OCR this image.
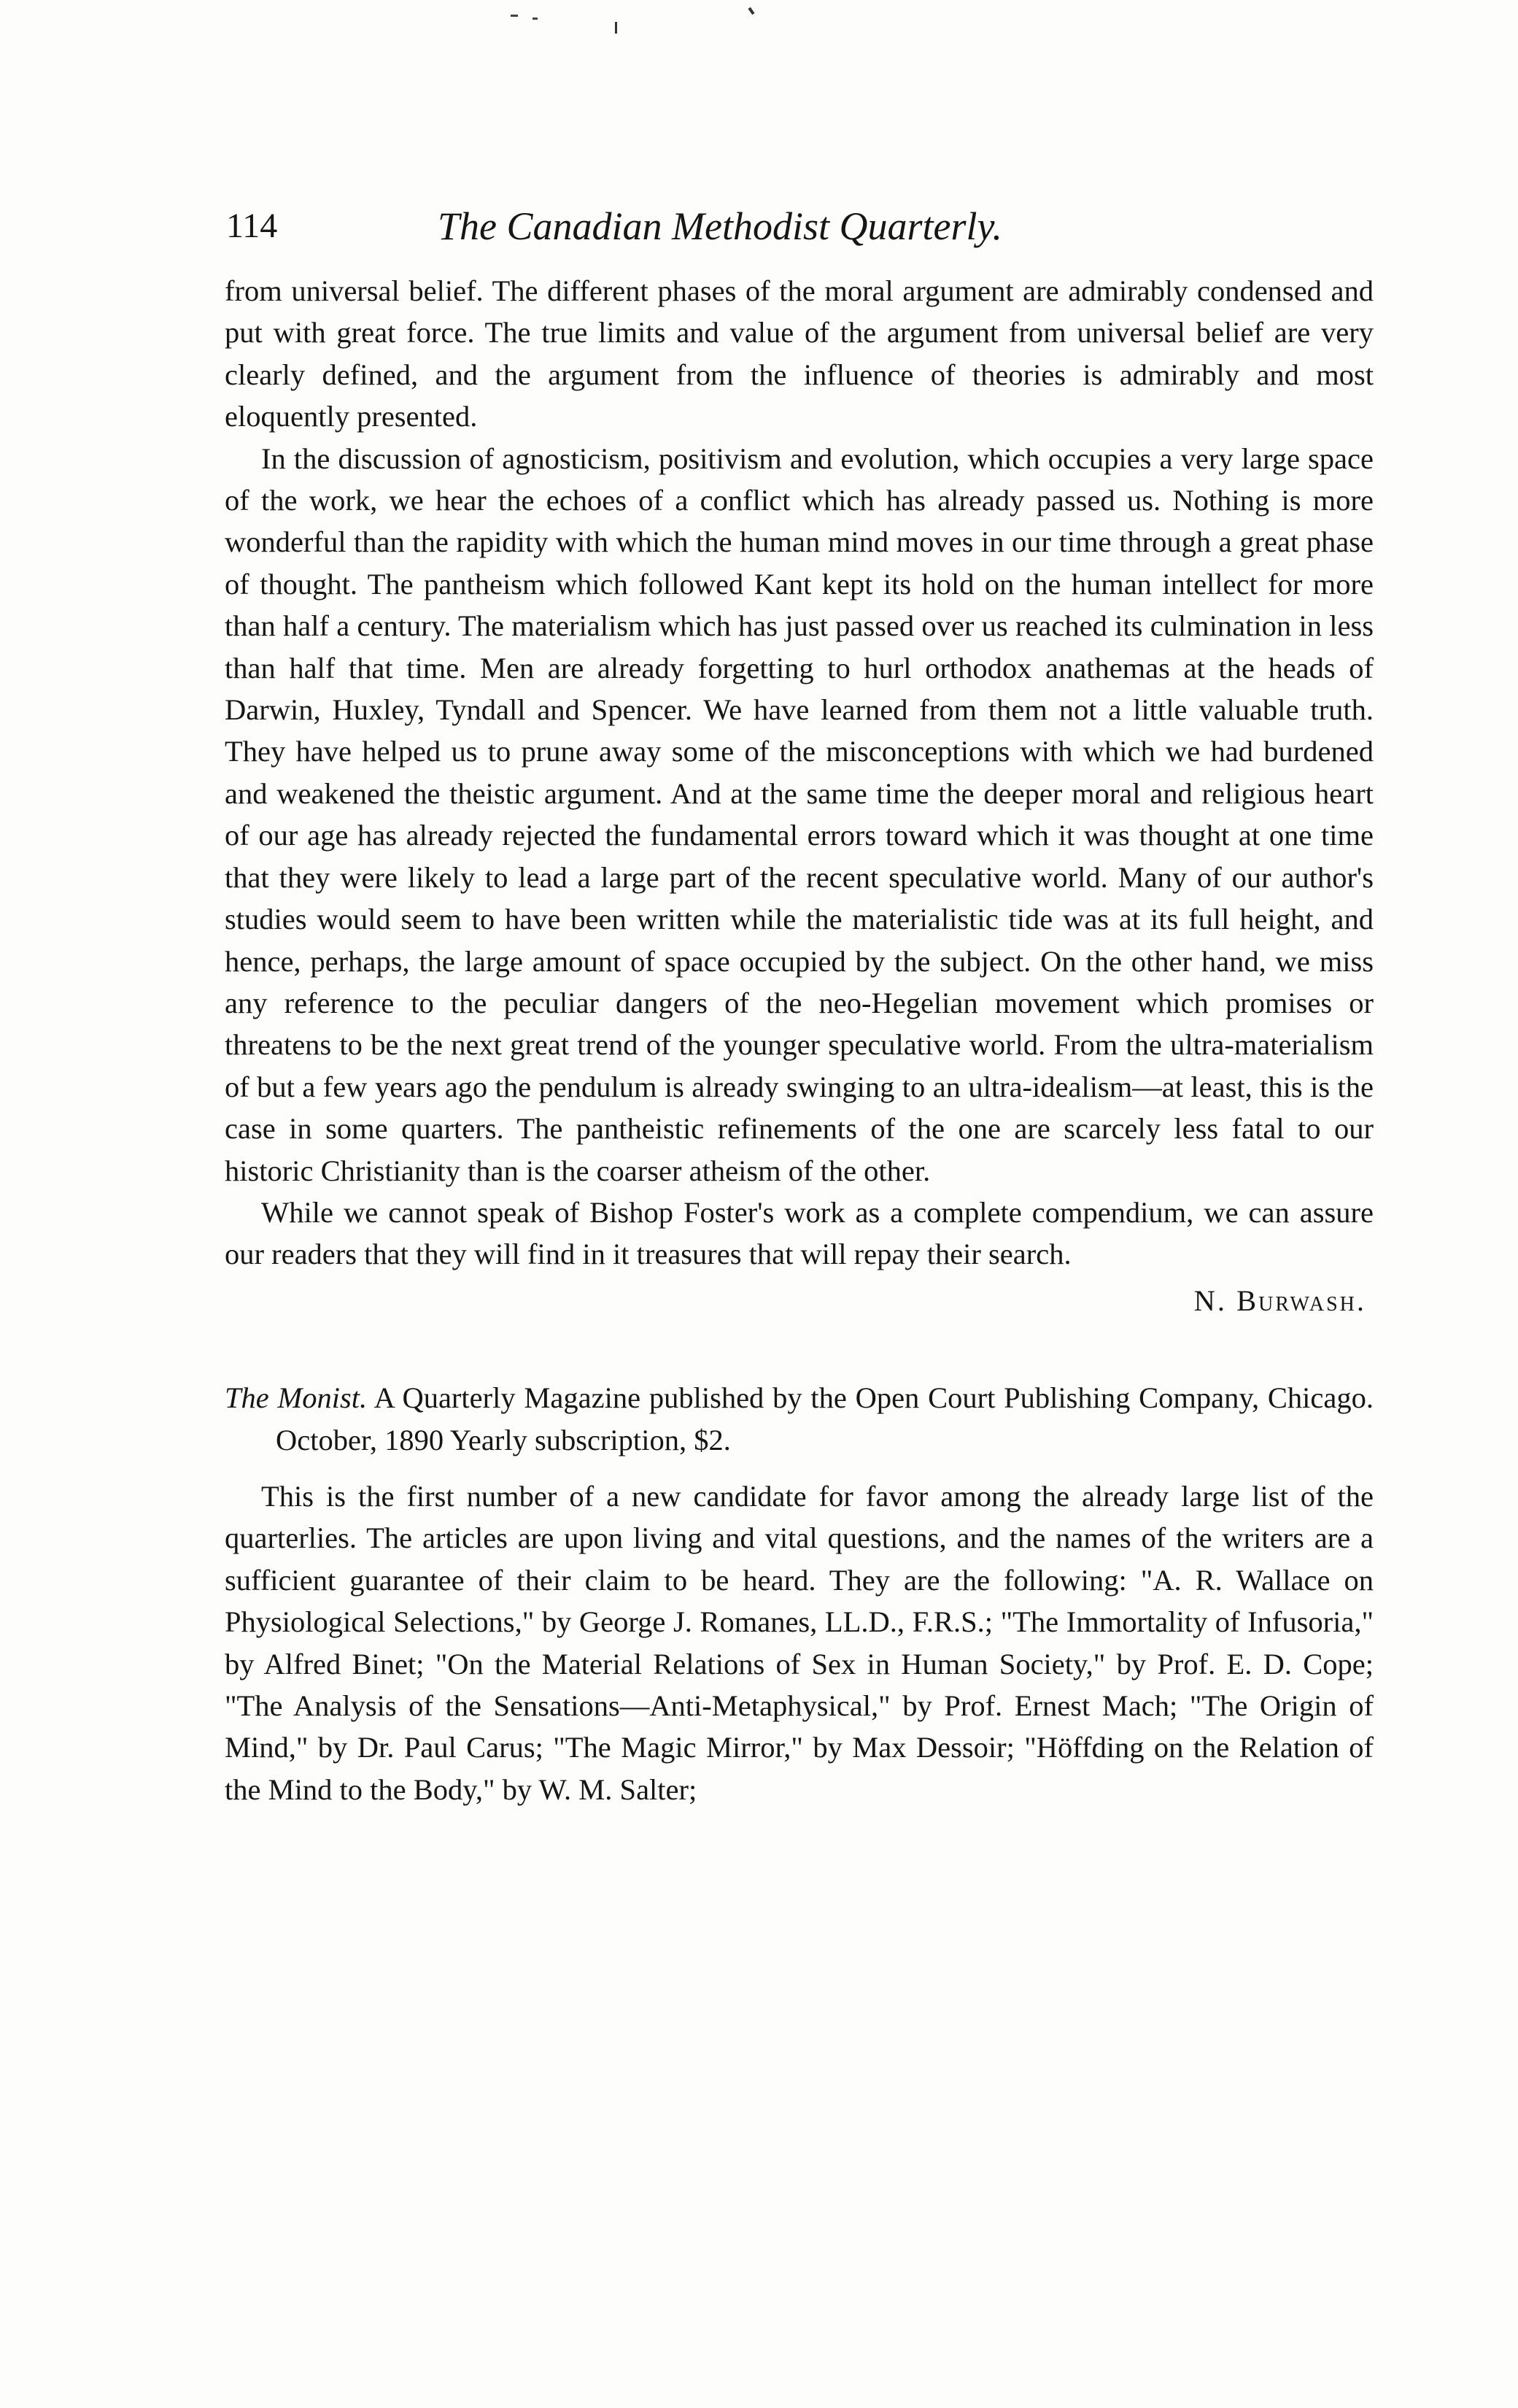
114	The Canadian Methodist Quarterly.

from universal belief. The different phases of the moral argument are admirably condensed and put with great force. The true limits and value of the argument from universal belief are very clearly defined, and the argument from the influence of theories is admirably and most eloquently presented.

In the discussion of agnosticism, positivism and evolution, which occupies a very large space of the work, we hear the echoes of a conflict which has already passed us. Nothing is more wonderful than the rapidity with which the human mind moves in our time through a great phase of thought. The pantheism which followed Kant kept its hold on the human intellect for more than half a century. The materialism which has just passed over us reached its culmination in less than half that time. Men are already forgetting to hurl orthodox anathemas at the heads of Darwin, Huxley, Tyndall and Spencer. We have learned from them not a little valuable truth. They have helped us to prune away some of the misconceptions with which we had burdened and weakened the theistic argument. And at the same time the deeper moral and religious heart of our age has already rejected the fundamental errors toward which it was thought at one time that they were likely to lead a large part of the recent speculative world. Many of our author's studies would seem to have been written while the materialistic tide was at its full height, and hence, perhaps, the large amount of space occupied by the subject. On the other hand, we miss any reference to the peculiar dangers of the neo-Hegelian movement which promises or threatens to be the next great trend of the younger speculative world. From the ultra-materialism of but a few years ago the pendulum is already swinging to an ultra-idealism—at least, this is the case in some quarters. The pantheistic refinements of the one are scarcely less fatal to our historic Christianity than is the coarser atheism of the other.

While we cannot speak of Bishop Foster's work as a complete compendium, we can assure our readers that they will find in it treasures that will repay their search.

N. Burwash.

The Monist. A Quarterly Magazine published by the Open Court Publishing Company, Chicago. October, 1890 Yearly subscription, $2.

This is the first number of a new candidate for favor among the already large list of the quarterlies. The articles are upon living and vital questions, and the names of the writers are a sufficient guarantee of their claim to be heard. They are the following: "A. R. Wallace on Physiological Selections," by George J. Romanes, LL.D., F.R.S.; "The Immortality of Infusoria," by Alfred Binet; "On the Material Relations of Sex in Human Society," by Prof. E. D. Cope; "The Analysis of the Sensations—Anti-Metaphysical," by Prof. Ernest Mach; "The Origin of Mind," by Dr. Paul Carus; "The Magic Mirror," by Max Dessoir; "Höffding on the Relation of the Mind to the Body," by W. M. Salter;
